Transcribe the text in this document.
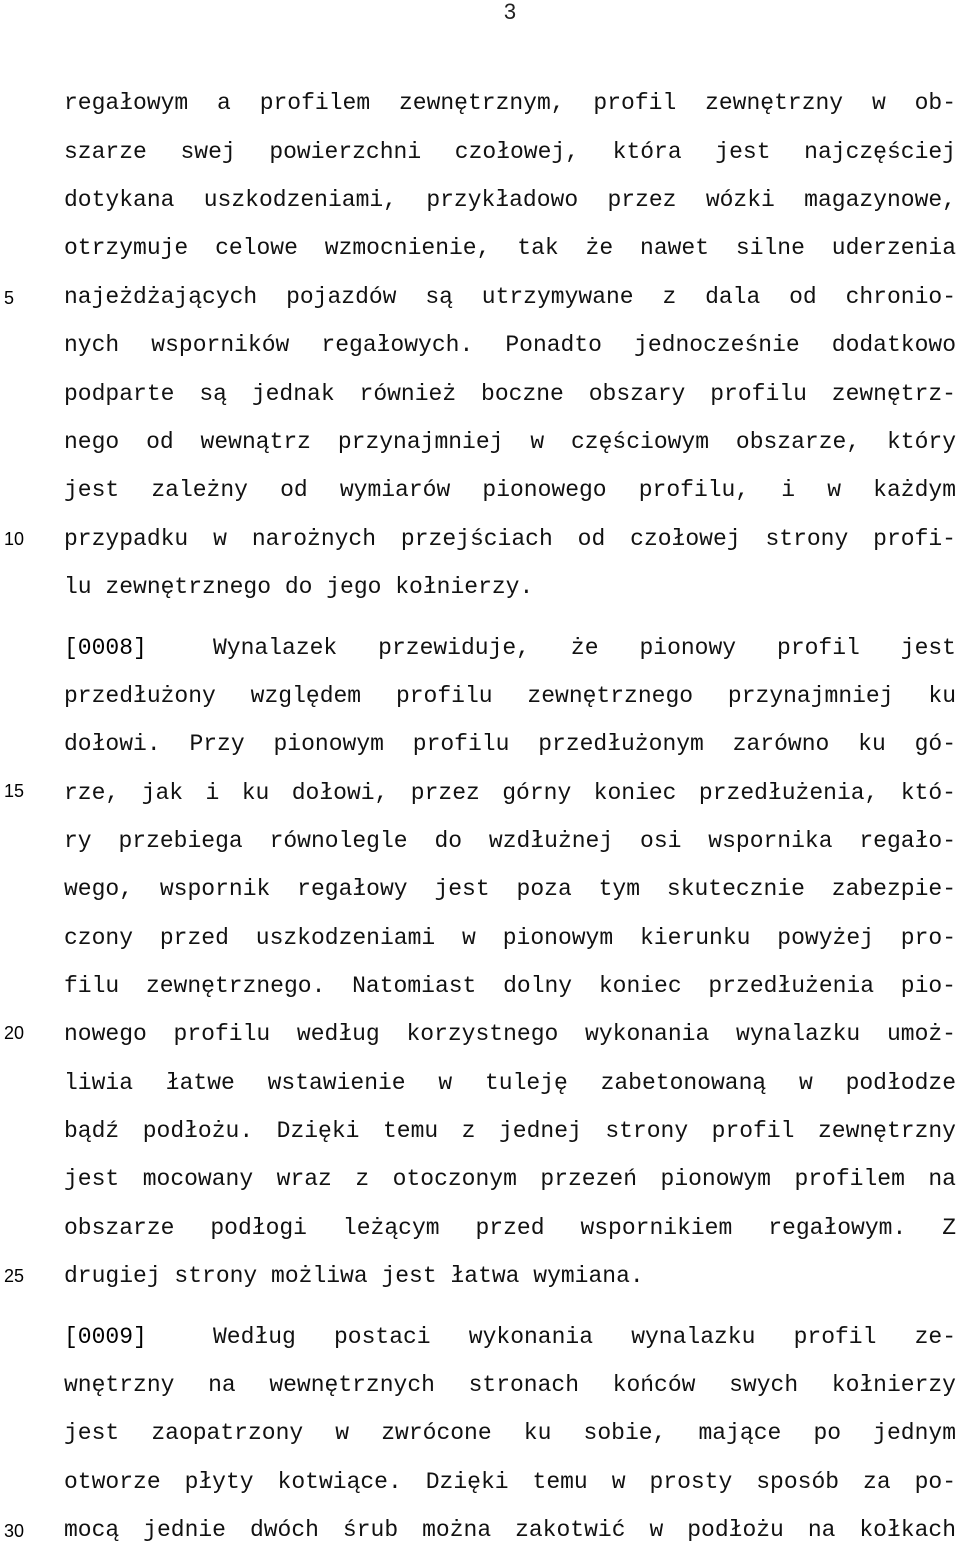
3
5
10
15
20
25
30
regałowym a profilem zewnętrznym, profil zewnętrzny w ob-
szarze swej powierzchni czołowej, która jest najczęściej
dotykana uszkodzeniami, przykładowo przez wózki magazynowe,
otrzymuje celowe wzmocnienie, tak że nawet silne uderzenia
najeżdżających pojazdów są utrzymywane z dala od chronio-
nych wsporników regałowych. Ponadto jednocześnie dodatkowo
podparte są jednak również boczne obszary profilu zewnętrz-
nego od wewnątrz przynajmniej w częściowym obszarze, który
jest zależny od wymiarów pionowego profilu, i w każdym
przypadku w narożnych przejściach od czołowej strony profi-
lu zewnętrznego do jego kołnierzy.
[0008]	Wynalazek przewiduje, że pionowy profil jest
przedłużony względem profilu zewnętrznego przynajmniej ku
dołowi. Przy pionowym profilu przedłużonym zarówno ku gó-
rze, jak i ku dołowi, przez górny koniec przedłużenia, któ-
ry przebiega równolegle do wzdłużnej osi wspornika regało-
wego, wspornik regałowy jest poza tym skutecznie zabezpie-
czony przed uszkodzeniami w pionowym kierunku powyżej pro-
filu zewnętrznego. Natomiast dolny koniec przedłużenia pio-
nowego profilu według korzystnego wykonania wynalazku umoż-
liwia łatwe wstawienie w tuleję zabetonowaną w podłodze
bądź podłożu. Dzięki temu z jednej strony profil zewnętrzny
jest mocowany wraz z otoczonym przezeń pionowym profilem na
obszarze podłogi leżącym przed wspornikiem regałowym. Z
drugiej strony możliwa jest łatwa wymiana.
[0009]	Według postaci wykonania wynalazku profil ze-
wnętrzny na wewnętrznych stronach końców swych kołnierzy
jest zaopatrzony w zwrócone ku sobie, mające po jednym
otworze płyty kotwiące. Dzięki temu w prosty sposób za po-
mocą jednie dwóch śrub można zakotwić w podłożu na kołkach
